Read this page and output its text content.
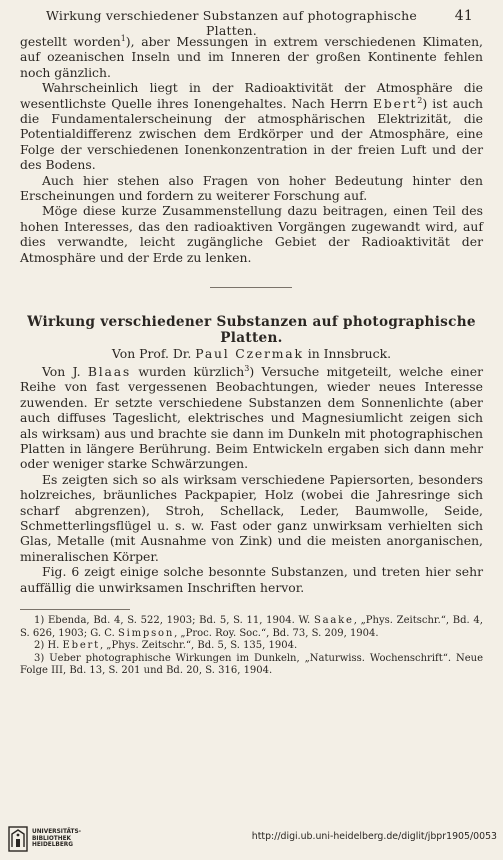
Wirkung verschiedener Substanzen auf photographische Platten.
41

gestellt worden$^1$), aber Messungen in extrem verschiedenen Klimaten, auf ozeanischen Inseln und im Inneren der großen Kontinente fehlen noch gänzlich.

Wahrscheinlich liegt in der Radioaktivität der Atmosphäre die wesentlichste Quelle ihres Ionengehaltes. Nach Herrn Ebert$^2$) ist auch die Fundamentalerscheinung der atmosphärischen Elektrizität, die Potentialdifferenz zwischen dem Erdkörper und der Atmosphäre, eine Folge der verschiedenen Ionenkonzentration in der freien Luft und der des Bodens.

Auch hier stehen also Fragen von hoher Bedeutung hinter den Erscheinungen und fordern zu weiterer Forschung auf.

Möge diese kurze Zusammenstellung dazu beitragen, einen Teil des hohen Interesses, das den radioaktiven Vorgängen zugewandt wird, auf dies verwandte, leicht zugängliche Gebiet der Radioaktivität der Atmosphäre und der Erde zu lenken.

Wirkung verschiedener Substanzen auf photographische Platten.
Von Prof. Dr. Paul Czermak in Innsbruck.

Von J. Blaas wurden kürzlich$^3$) Versuche mitgeteilt, welche einer Reihe von fast vergessenen Beobachtungen, wieder neues Interesse zuwenden. Er setzte verschiedene Substanzen dem Sonnenlichte (aber auch diffuses Tageslicht, elektrisches und Magnesiumlicht zeigen sich als wirksam) aus und brachte sie dann im Dunkeln mit photographischen Platten in längere Berührung. Beim Entwickeln ergaben sich dann mehr oder weniger starke Schwärzungen.

Es zeigten sich so als wirksam verschiedene Papiersorten, besonders holzreiches, bräunliches Packpapier, Holz (wobei die Jahresringe sich scharf abgrenzen), Stroh, Schellack, Leder, Baumwolle, Seide, Schmetterlingsflügel u. s. w. Fast oder ganz unwirksam verhielten sich Glas, Metalle (mit Ausnahme von Zink) und die meisten anorganischen, mineralischen Körper.

Fig. 6 zeigt einige solche besonnte Substanzen, und treten hier sehr auffällig die unwirksamen Inschriften hervor.

1) Ebenda, Bd. 4, S. 522, 1903; Bd. 5, S. 11, 1904. W. Saake, „Phys. Zeitschr.“, Bd. 4, S. 626, 1903; G. C. Simpson, „Proc. Roy. Soc.“, Bd. 73, S. 209, 1904.

2) H. Ebert, „Phys. Zeitschr.“, Bd. 5, S. 135, 1904.

3) Ueber photographische Wirkungen im Dunkeln, „Naturwiss. Wochenschrift“. Neue Folge III, Bd. 13, S. 201 und Bd. 20, S. 316, 1904.

UNIVERSITÄTS-
BIBLIOTHEK
HEIDELBERG
http://digi.ub.uni-heidelberg.de/diglit/jbpr1905/0053
